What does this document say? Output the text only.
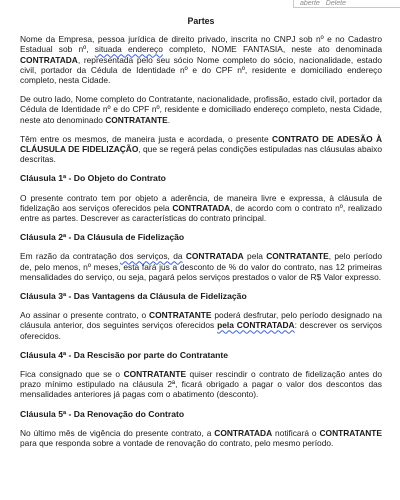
aberte Delete
Partes

Nome da Empresa, pessoa jurídica de direito privado, inscrita no CNPJ sob nº e no Cadastro Estadual sob nº, situada endereço completo, NOME FANTASIA, neste ato denominada CONTRATADA, representada pelo seu sócio Nome completo do sócio, nacionalidade, estado civil, portador da Cédula de Identidade nº e do CPF nº, residente e domiciliado endereço completo, nesta Cidade.

De outro lado, Nome completo do Contratante, nacionalidade, profissão, estado civil, portador da Cédula de Identidade nº e do CPF nº, residente e domiciliado endereço completo, nesta Cidade, neste ato denominado CONTRATANTE.

Têm entre os mesmos, de maneira justa e acordada, o presente CONTRATO DE ADESÃO À CLÁUSULA DE FIDELIZAÇÃO, que se regerá pelas condições estipuladas nas cláusulas abaixo descritas.

Cláusula 1ª - Do Objeto do Contrato

O presente contrato tem por objeto a aderência, de maneira livre e expressa, à cláusula de fidelização aos serviços oferecidos pela CONTRATADA, de acordo com o contrato nº, realizado entre as partes. Descrever as características do contrato principal.

Cláusula 2ª - Da Cláusula de Fidelização

Em razão da contratação dos serviços, da CONTRATADA pela CONTRATANTE, pelo período de, pelo menos, nº meses, esta fará jus a desconto de % do valor do contrato, nas 12 primeiras mensalidades do serviço, ou seja, pagará pelos serviços prestados o valor de R$ Valor expresso.

Cláusula 3ª - Das Vantagens da Cláusula de Fidelização

Ao assinar o presente contrato, o CONTRATANTE poderá desfrutar, pelo período designado na cláusula anterior, dos seguintes serviços oferecidos pela CONTRATADA: descrever os serviços oferecidos.

Cláusula 4ª - Da Rescisão por parte do Contratante

Fica consignado que se o CONTRATANTE quiser rescindir o contrato de fidelização antes do prazo mínimo estipulado na cláusula 2ª, ficará obrigado a pagar o valor dos descontos das mensalidades anteriores já pagas com o abatimento (desconto).

Cláusula 5ª - Da Renovação do Contrato

No último mês de vigência do presente contrato, a CONTRATADA notificará o CONTRATANTE para que responda sobre a vontade de renovação do contrato, pelo mesmo período.
